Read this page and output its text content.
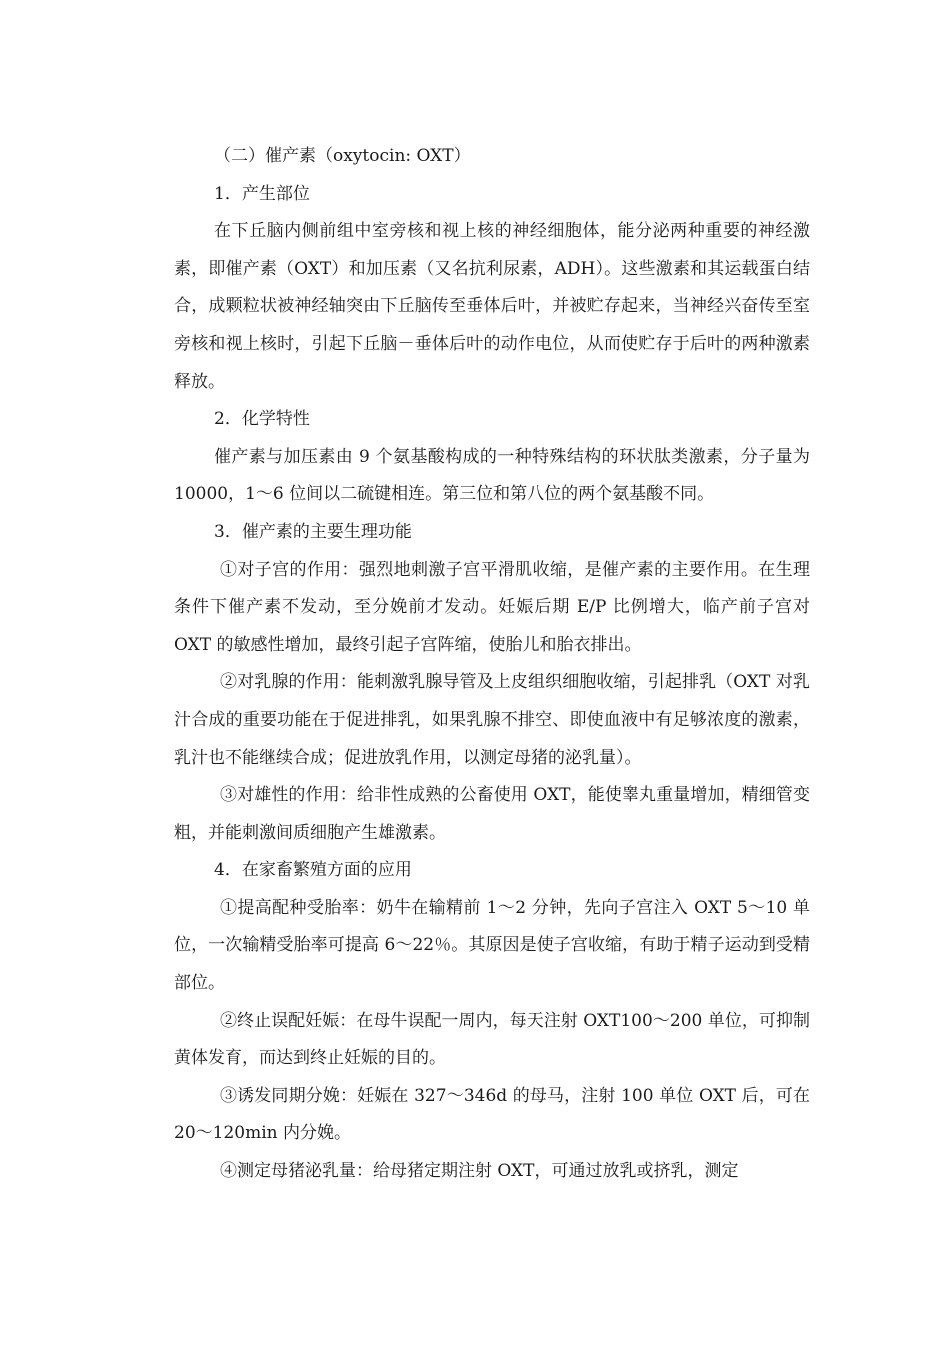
（二）催产素（oxytocin: OXT）

1．产生部位

在下丘脑内侧前组中室旁核和视上核的神经细胞体，能分泌两种重要的神经激素，即催产素（OXT）和加压素（又名抗利尿素，ADH）。这些激素和其运载蛋白结合，成颗粒状被神经轴突由下丘脑传至垂体后叶，并被贮存起来，当神经兴奋传至室旁核和视上核时，引起下丘脑－垂体后叶的动作电位，从而使贮存于后叶的两种激素释放。

2．化学特性

催产素与加压素由 9 个氨基酸构成的一种特殊结构的环状肽类激素，分子量为 10000，1～6 位间以二硫键相连。第三位和第八位的两个氨基酸不同。

3．催产素的主要生理功能

①对子宫的作用：强烈地刺激子宫平滑肌收缩，是催产素的主要作用。在生理条件下催产素不发动，至分娩前才发动。妊娠后期 E/P 比例增大，临产前子宫对 OXT 的敏感性增加，最终引起子宫阵缩，使胎儿和胎衣排出。

②对乳腺的作用：能刺激乳腺导管及上皮组织细胞收缩，引起排乳（OXT 对乳汁合成的重要功能在于促进排乳，如果乳腺不排空、即使血液中有足够浓度的激素，乳汁也不能继续合成；促进放乳作用，以测定母猪的泌乳量）。

③对雄性的作用：给非性成熟的公畜使用 OXT，能使睾丸重量增加，精细管变粗，并能刺激间质细胞产生雄激素。

4．在家畜繁殖方面的应用

①提高配种受胎率：奶牛在输精前 1～2 分钟，先向子宫注入 OXT 5～10 单位，一次输精受胎率可提高 6～22％。其原因是使子宫收缩，有助于精子运动到受精部位。

②终止误配妊娠：在母牛误配一周内，每天注射 OXT100～200 单位，可抑制黄体发育，而达到终止妊娠的目的。

③诱发同期分娩：妊娠在 327～346d 的母马，注射 100 单位 OXT 后，可在 20～120min 内分娩。

④测定母猪泌乳量：给母猪定期注射 OXT，可通过放乳或挤乳，测定
